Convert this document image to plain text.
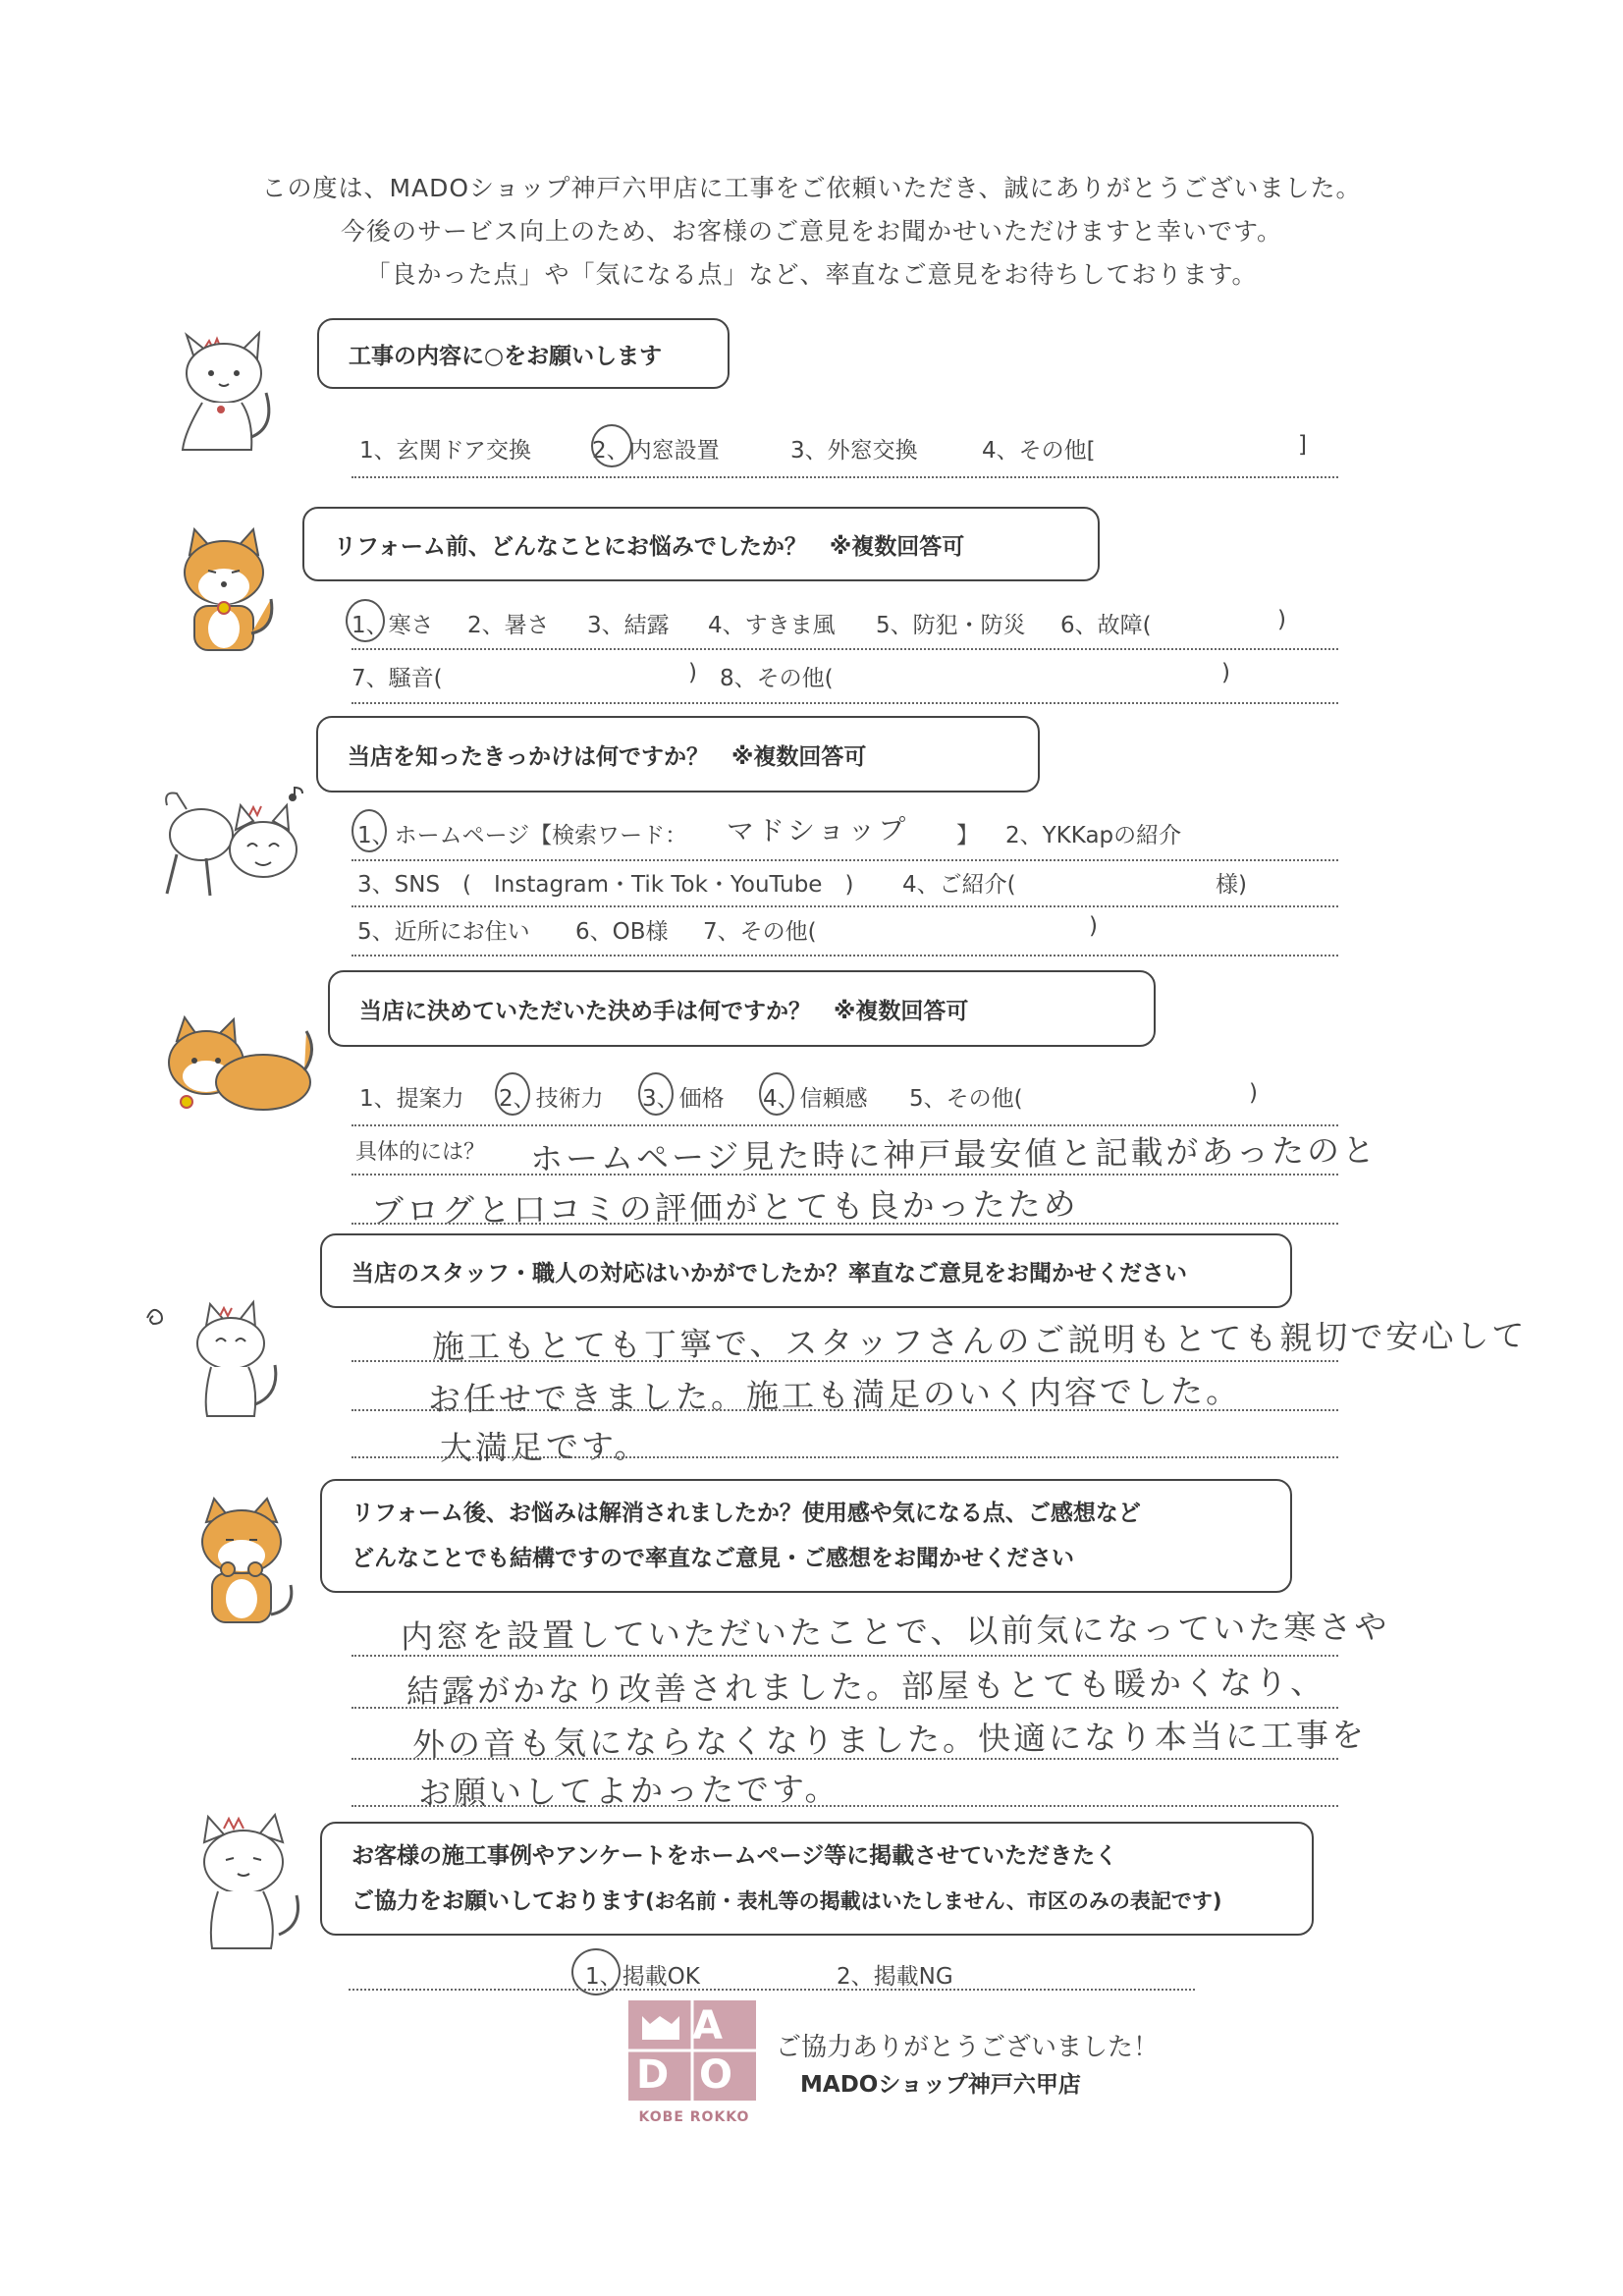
この度は、MADOショップ神戸六甲店に工事をご依頼いただき、誠にありがとうございました。
今後のサービス向上のため、お客様のご意見をお聞かせいただけますと幸いです。
「良かった点」や「気になる点」など、率直なご意見をお待ちしております。
工事の内容に○をお願いします
1、玄関ドア交換	2、内窓設置	3、外窓交換	4、その他[	]
リフォーム前、どんなことにお悩みでしたか？　※複数回答可
1、寒さ 2、暑さ 3、結露 4、すきま風 5、防犯・防災 6、故障(	)
7、騒音(	) 8、その他(	)
当店を知ったきっかけは何ですか？　※複数回答可
1、ホームページ【検索ワード： マドショップ 】 2、YKKapの紹介
3、SNS　(　Instagram・Tik Tok・YouTube　) 4、ご紹介(	様)
5、近所にお住い 6、OB様 7、その他(	)
当店に決めていただいた決め手は何ですか？　※複数回答可
1、提案力 2、技術力 3、価格 4、信頼感 5、その他(	)
具体的には？ ホームページ見た時に神戸最安値と記載があったのと
ブログと口コミの評価がとても良かったため
当店のスタッフ・職人の対応はいかがでしたか？率直なご意見をお聞かせください
施工もとても丁寧で、スタッフさんのご説明もとても親切で安心して
お任せできました。施工も満足のいく内容でした。
大満足です。
リフォーム後、お悩みは解消されましたか？使用感や気になる点、ご感想など
どんなことでも結構ですので率直なご意見・ご感想をお聞かせください
内窓を設置していただいたことで、以前気になっていた寒さや
結露がかなり改善されました。部屋もとても暖かくなり、
外の音も気にならなくなりました。快適になり本当に工事を
お願いしてよかったです。
お客様の施工事例やアンケートをホームページ等に掲載させていただきたく
ご協力をお願いしております(お名前・表札等の掲載はいたしません、市区のみの表記です)
1、掲載OK	2、掲載NG
A
D O
KOBE ROKKO
ご協力ありがとうございました！
MADOショップ神戸六甲店
